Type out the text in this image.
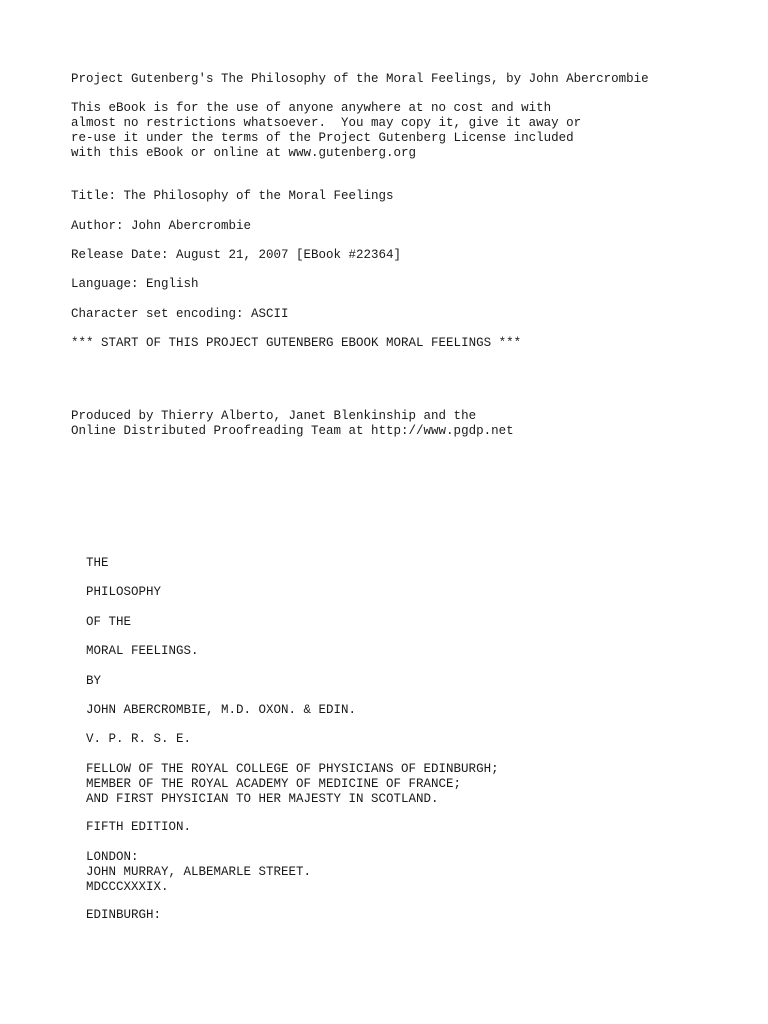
Project Gutenberg's The Philosophy of the Moral Feelings, by John Abercrombie
This eBook is for the use of anyone anywhere at no cost and with
almost no restrictions whatsoever.  You may copy it, give it away or
re-use it under the terms of the Project Gutenberg License included
with this eBook or online at www.gutenberg.org
Title: The Philosophy of the Moral Feelings
Author: John Abercrombie
Release Date: August 21, 2007 [EBook #22364]
Language: English
Character set encoding: ASCII
*** START OF THIS PROJECT GUTENBERG EBOOK MORAL FEELINGS ***
Produced by Thierry Alberto, Janet Blenkinship and the
Online Distributed Proofreading Team at http://www.pgdp.net
THE
PHILOSOPHY
OF THE
MORAL FEELINGS.
BY
JOHN ABERCROMBIE, M.D. OXON. & EDIN.
V. P. R. S. E.
FELLOW OF THE ROYAL COLLEGE OF PHYSICIANS OF EDINBURGH;
MEMBER OF THE ROYAL ACADEMY OF MEDICINE OF FRANCE;
AND FIRST PHYSICIAN TO HER MAJESTY IN SCOTLAND.
FIFTH EDITION.
LONDON:
JOHN MURRAY, ALBEMARLE STREET.
MDCCCXXXIX.
EDINBURGH:
